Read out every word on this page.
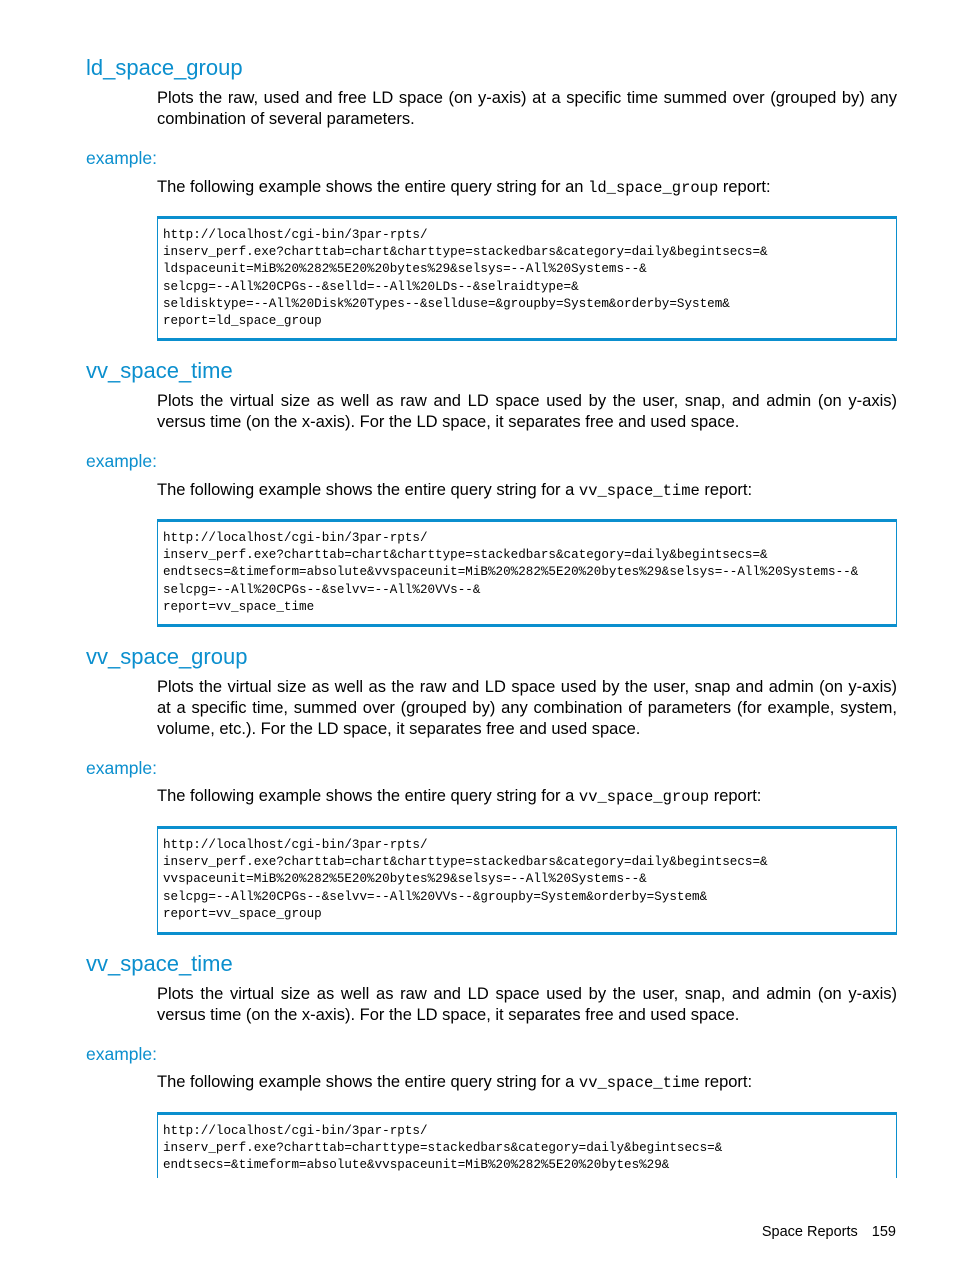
ld_space_group

Plots the raw, used and free LD space (on y-axis) at a specific time summed over (grouped by) any combination of several parameters.

example:

The following example shows the entire query string for an ld_space_group report:

http://localhost/cgi-bin/3par-rpts/
inserv_perf.exe?charttab=chart&charttype=stackedbars&category=daily&begintsecs=&
ldspaceunit=MiB%20%282%5E20%20bytes%29&selsys=--All%20Systems--&
selcpg=--All%20CPGs--&selld=--All%20LDs--&selraidtype=&
seldisktype=--All%20Disk%20Types--&sellduse=&groupby=System&orderby=System&
report=ld_space_group
vv_space_time

Plots the virtual size as well as raw and LD space used by the user, snap, and admin (on y-axis) versus time (on the x-axis). For the LD space, it separates free and used space.

example:

The following example shows the entire query string for a vv_space_time report:

http://localhost/cgi-bin/3par-rpts/
inserv_perf.exe?charttab=chart&charttype=stackedbars&category=daily&begintsecs=&
endtsecs=&timeform=absolute&vvspaceunit=MiB%20%282%5E20%20bytes%29&selsys=--All%20Systems--&
selcpg=--All%20CPGs--&selvv=--All%20VVs--&
report=vv_space_time
vv_space_group

Plots the virtual size as well as the raw and LD space used by the user, snap and admin (on y-axis) at a specific time, summed over (grouped by) any combination of parameters (for example, system, volume, etc.). For the LD space, it separates free and used space.

example:

The following example shows the entire query string for a vv_space_group report:

http://localhost/cgi-bin/3par-rpts/
inserv_perf.exe?charttab=chart&charttype=stackedbars&category=daily&begintsecs=&
vvspaceunit=MiB%20%282%5E20%20bytes%29&selsys=--All%20Systems--&
selcpg=--All%20CPGs--&selvv=--All%20VVs--&groupby=System&orderby=System&
report=vv_space_group
vv_space_time

Plots the virtual size as well as raw and LD space used by the user, snap, and admin (on y-axis) versus time (on the x-axis). For the LD space, it separates free and used space.

example:

The following example shows the entire query string for a vv_space_time report:

http://localhost/cgi-bin/3par-rpts/
inserv_perf.exe?charttab=charttype=stackedbars&category=daily&begintsecs=&
endtsecs=&timeform=absolute&vvspaceunit=MiB%20%282%5E20%20bytes%29&
Space Reports 159
